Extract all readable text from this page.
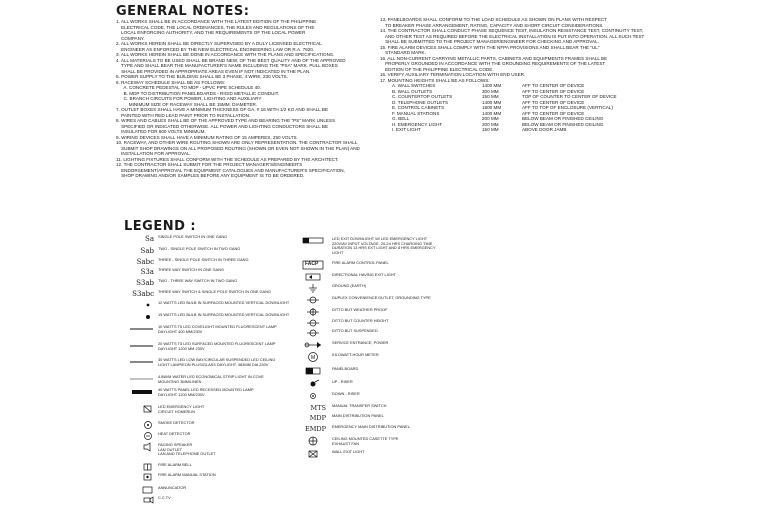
GENERAL NOTES:
1. ALL WORKS SHALL BE IN ACCORDANCE WITH THE LATEST EDITION OF THE PHILIPPINE
ELECTRICAL CODE, THE LOCAL ORDINANCES, THE RULES AND REGULATIONS OF THE
LOCAL ENFORCING AUTHORITY, AND THE REQUIREMENTS OF THE LOCAL POWER
COMPANY.
2. ALL WORKS HEREIN SHALL BE DIRECTLY SUPERVISED BY A DULY LICENSED ELECTRICAL
ENGINEER AS ENFORCED BY THE NEW ELECTRICAL ENGINEERING LAW OR R.A. 7920.
3. ALL WORKS HEREIN SHALL BE DONE IN ACCORDANCE WITH THE PLANS AND SPECIFICATIONS.
4. ALL MATERIALS TO BE USED SHALL BE BRAND NEW, OF THE BEST QUALITY AND OF THE APPROVED
TYPE AND SHALL BEAR THE MANUFACTURER'S NAME INCLUDING THE "PSA" MARK. PULL BOXES
SHALL BE PROVIDED IN APPROPRIATE AREAS EVEN IF NOT INDICATED IN THE PLAN.
5. POWER SUPPLY TO THE BUILDING SHALL BE 3 PHASE, 4 WIRE, 230 VOLTS.
6. RACEWAY SCHEDULE SHALL BE AS FOLLOWS:
A. CONCRETE PEDESTAL TO MDP - UPVC PIPE SCHEDULE 40.
B. MDP TO DISTRIBUTION PANELBOARDS - RIGID METALLIC CONDUIT.
C. BRANCH CIRCUITS FOR POWER, LIGHTING AND AUXILIARY
MINIMUM SIZE OF RACEWAY SHALL BE 15MM. DIAMETER.
7. OUTLET BOXES SHALL HAVE A MINIMUM THICKNESS OF GA. # 16 WITH 1/2 KO AND SHALL BE
PAINTED WITH RED LEAD PAINT PRIOR TO INSTALLATION.
8. WIRES AND CABLES SHALL BE OF THE APPROVED TYPE AND BEARING THE "PS" MARK UNLESS
SPECIFIED OR INDICATED OTHERWISE. ALL POWER AND LIGHTING CONDUCTORS SHALL BE
INSULATED FOR 600 VOLTS MINIMUM.
9. WIRING DEVICES SHALL HAVE A MINIMUM RATING OF 15 AMPERES, 250 VOLTS.
10. RACEWAY, AND OTHER WIRE ROUTING SHOWN ARE ONLY REPRESENTATION. THE CONTRACTOR SHALL
SUBMIT SHOP DRAWINGS ON ALL PROPOSED ROUTING (SHOWN OR EVEN NOT SHOWN IN THE PLAN) AND
INSTALLATION FOR APPROVAL.
11. LIGHTING FIXTURES SHALL CONFORM WITH THE SCHEDULE AS PREPARED BY THE ARCHITECT.
12. THE CONTRACTOR SHALL SUBMIT FOR THE PROJECT MANAGER'S/ENGINEER'S
ENDORSEMENT/APPROVAL THE EQUIPMENT CATALOGUES AND MANUFACTURER'S SPECIFICATION,
SHOP DRAWING AND/OR SAMPLES BEFORE ANY EQUIPMENT IS TO BE ORDERED.
13. PANELBOARDS SHALL CONFORM TO THE LOAD SCHEDULE AS SHOWN ON PLANS WITH RESPECT
TO BREAKER PHASE ARRANGEMENT, RATING, CAPACITY AND SHORT CIRCUIT CONSIDERATIONS.
14. THE CONTRACTOR SHALL CONDUCT PHASE SEQUENCE TEST, INSULATION RESISTANCE TEST, CONTINUITY TEST,
AND OTHER TEST AS REQUIRED BEFORE THE ELECTRICAL INSTALLATION IS PUT INTO OPERATION. ALL SUCH TEST
SHALL BE SUBMITTED TO THE PROJECT MANAGER/ENGINEER FOR CHECKING AND APPROVAL.
15. FIRE ALARM DEVICES SHALL COMPLY WITH THE NFPA PROVISIONS AND SHALL BEAR THE "UL"
STANDARD MARK.
16. ALL NON-CURRENT CARRYING METALLIC PARTS, CABINETS AND EQUIPMENTS FRAMES SHALL BE
PROPERLY GROUNDED IN ACCORDANCE WITH THE GROUNDING REQUIREMENTS OF THE LATEST
EDITION OF THE PHILIPPINE ELECTRICAL CODE.
16. VERIFY AUXILIARY TERMINATION LOCATION WITH END USER.
17. MOUNTING HEIGHTS SHALL BE AS FOLLOWS:
A. WALL SWITCHES	1400 MM	AFF TO CENTER OF DEVICE
B. WALL OUTLETS	300 MM	AFF TO CENTER OF DEVICE
C. COUNTERTOP OUTLETS	150 MM	TOP OF COUNTER TO CENTER OF DEVICE
D. TELEPHONE OUTLETS	1400 MM	AFF TO CENTER OF DEVICE
E. CONTROL CABINETS	1800 MM	AFF TO TOP OF ENCLOSURE (VERTICAL)
F. MANUAL STATIONS	1400 MM	AFF TO CENTER OF DEVICE
G. BELL	200 MM	BELOW BEAM OR FINISHED CEILING
H. EMERGENCY LIGHT	200 MM	BELOW BEAM OR FINISHED CEILING
I. EXIT LIGHT	150 MM	ABOVE DOOR JAMB
LEGEND :
Sa SINGLE POLE SWITCH IN ONE GANG
Sab TWO - SINGLE POLE SWITCH IN TWO GANG
Sabc THREE - SINGLE POLE SWITCH IN THREE GANG
S3a THREE WAY SWITCH IN ONE GANG
S3ab TWO - THREE WAY SWITCH IN TWO GANG
S3abc THREE WAY SWITCH & SINGLE POLE SWITCH IN ONE GANG
12 WATTS LED BULB IN SURFACED MOUNTED VERTICAL DOWNLIGHT
15 WATTS LED BULB IN SURFACED MOUNTED VERTICAL DOWNLIGHT
10 WATTS T5 LED COVELIGHT MOUNTED FLUORESCENT LAMP
DAYLIGHT 400 MM/230V
20 WATTS T5 LED SURFACED MOUNTED FLUORESCENT LAMP
DAYLIGHT 1200 MM 230V
30 WATTS LED LOW BAY/CIRCULAR SUSPENDED LED CEILING
LIGHT LAMP/EON PLUS/GLASS DAYLIGHT, 483MM DIA 230V
4.8W/M WATER LED ECONOMICAL STRIP LIGHT IN COVE
MOUNTING 3MM/LINEN
40 WATTS PANEL LED RECESSED MOUNTED LAMP
DAYLIGHT 1200 MM/230V
LED EMERGENCY LIGHT
CIRCUIT HOMERUN
SMOKE DETECTOR
HEAT DETECTOR
PAGING SPEAKER
LAN OUTLET
LAN AND TELEPHONE OUTLET
FIRE ALARM BELL
FIRE ALARM MANUAL STATION
ANNUNCIATOR
C.C.TV
LED EXIT DOWNLIGHT W/ LED EMERGENCY LIGHT
220V/AV INPUT VOLTAGE, 20-24 HRS CHARGING TIME
DURATION 13 HRS EXT LIGHT AND 8 HRS EMERGENCY
LIGHT
FACP	FIRE ALARM CONTROL PANEL
DIRECTIONAL HAVING EXIT LIGHT
GROUND (EARTH)
DUPLEX CONVENIENCE OUTLET, GROUNDING TYPE
DITTO BUT WEATHER PROOF
DITTO BUT COUNTER HEIGHT
DITTO BUT SUSPENDED
SERVICE ENTRANCE, POWER
M
KILOWATT-HOUR METER
PANELBOARD
UP - RISER
DOWN - RISER
MTS MANUAL TRANSFER SWITCH
MDP MAIN DISTRIBUTION PANEL
EMDP EMERGENCY MAIN DISTRIBUTION PANEL
CEILING MOUNTED CASETTE TYPE
EXHAUST FAN
WALL EXIT LIGHT
